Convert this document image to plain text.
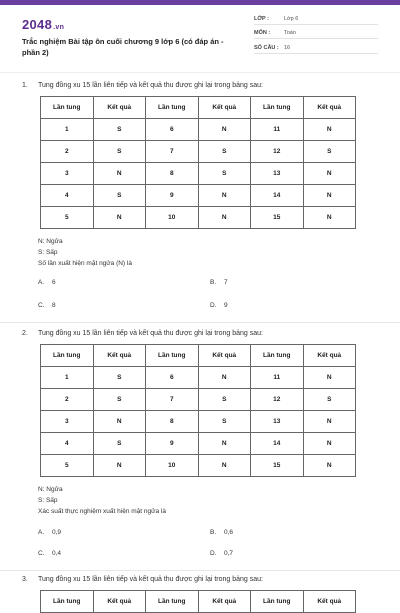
2048.vn
Trắc nghiệm Bài tập ôn cuối chương 9 lớp 6 (có đáp án - phần 2)
LỚP :	Lớp 6
MÔN :	Toán
SỐ CÂU : 16
1. Tung đồng xu 15 lần liên tiếp và kết quả thu được ghi lại trong bảng sau:
Lần tung	Kết quả	Lần tung	Kết quả	Lần tung	Kết quả
1	S	6	N	11	N
2	S	7	S	12	S
3	N	8	S	13	N
4	S	9	N	14	N
5	N	10	N	15	N
N: Ngửa
S: Sấp
Số lần xuất hiện mặt ngửa (N) là
A. 6	B. 7
C. 8	D. 9
2. Tung đồng xu 15 lần liên tiếp và kết quả thu được ghi lại trong bảng sau:
Lần tung	Kết quả	Lần tung	Kết quả	Lần tung	Kết quả
1	S	6	N	11	N
2	S	7	S	12	S
3	N	8	S	13	N
4	S	9	N	14	N
5	N	10	N	15	N
N: Ngửa
S: Sấp
Xác suất thực nghiệm xuất hiện mặt ngửa là
A. 0,9	B. 0,6
C. 0,4	D. 0,7
3. Tung đồng xu 15 lần liên tiếp và kết quả thu được ghi lại trong bảng sau:
Lần tung	Kết quả	Lần tung	Kết quả	Lần tung	Kết quả
